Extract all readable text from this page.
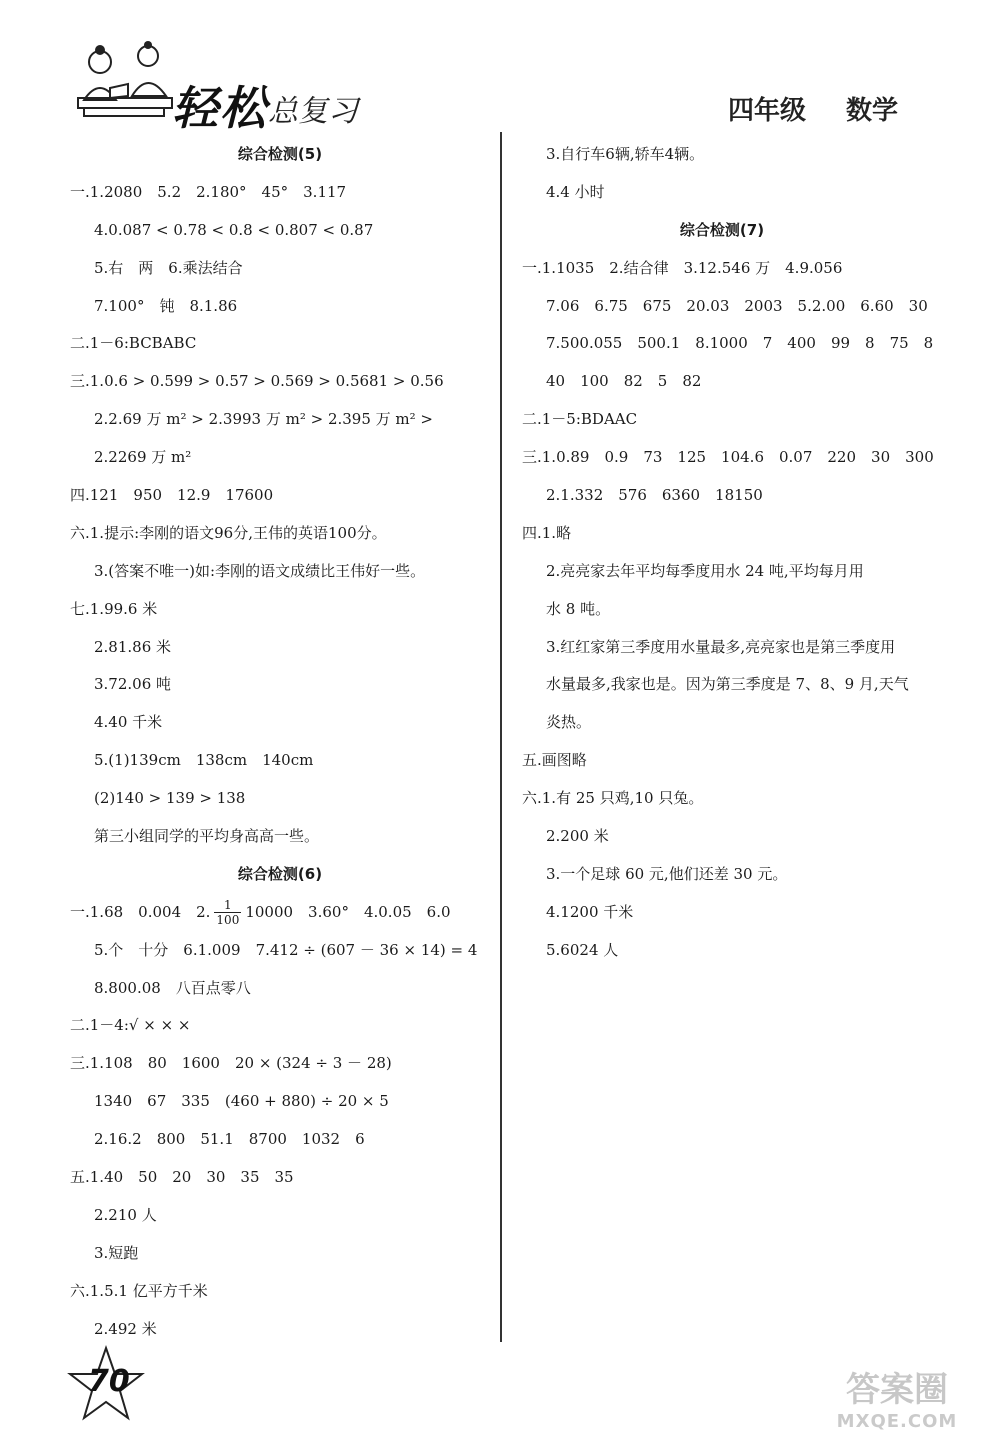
轻松 总复习	四年级 数学
综合检测(5)
一.1.2080　5.2　2.180°　45°　3.117
4.0.087 < 0.78 < 0.8 < 0.807 < 0.87
5.右　两　6.乘法结合
7.100°　钝　8.1.86
二.1－6:BCBABC
三.1.0.6 > 0.599 > 0.57 > 0.569 > 0.5681 > 0.56
2.2.69 万 m² > 2.3993 万 m² > 2.395 万 m² >
2.2269 万 m²
四.121　950　12.9　17600
六.1.提示:李刚的语文96分,王伟的英语100分。
3.(答案不唯一)如:李刚的语文成绩比王伟好一些。
七.1.99.6 米
2.81.86 米
3.72.06 吨
4.40 千米
5.(1)139cm　138cm　140cm
(2)140 > 139 > 138
第三小组同学的平均身高高一些。
综合检测(6)
一.1.68　0.004　2. $\frac{1}{100} 10000$　3.60°　4.0.05　6.0
5.个　十分　6.1.009　7.412 ÷ (607 － 36 × 14) = 4
8.800.08　八百点零八
二.1－4:√ × × ×
三.1.108　80　1600　20 × (324 ÷ 3 － 28)
1340　67　335　(460 + 880) ÷ 20 × 5
2.16.2　800　51.1　8700　1032　6
五.1.40　50　20　30　35　35
2.210 人
3.短跑
六.1.5.1 亿平方千米
2.492 米
3.自行车6辆,轿车4辆。
4.4 小时
综合检测(7)
一.1.1035　2.结合律　3.12.546 万　4.9.056
7.06　6.75　675　20.03　2003　5.2.00　6.60　30
7.500.055　500.1　8.1000　7　400　99　8　75　8
40　100　82　5　82
二.1－5:BDAAC
三.1.0.89　0.9　73　125　104.6　0.07　220　30　300
2.1.332　576　6360　18150
四.1.略
2.亮亮家去年平均每季度用水 24 吨,平均每月用
水 8 吨。
3.红红家第三季度用水量最多,亮亮家也是第三季度用
水量最多,我家也是。因为第三季度是 7、8、9 月,天气
炎热。
五.画图略
六.1.有 25 只鸡,10 只兔。
2.200 米
3.一个足球 60 元,他们还差 30 元。
4.1200 千米
5.6024 人
70	答案圈
MXQE.COM
